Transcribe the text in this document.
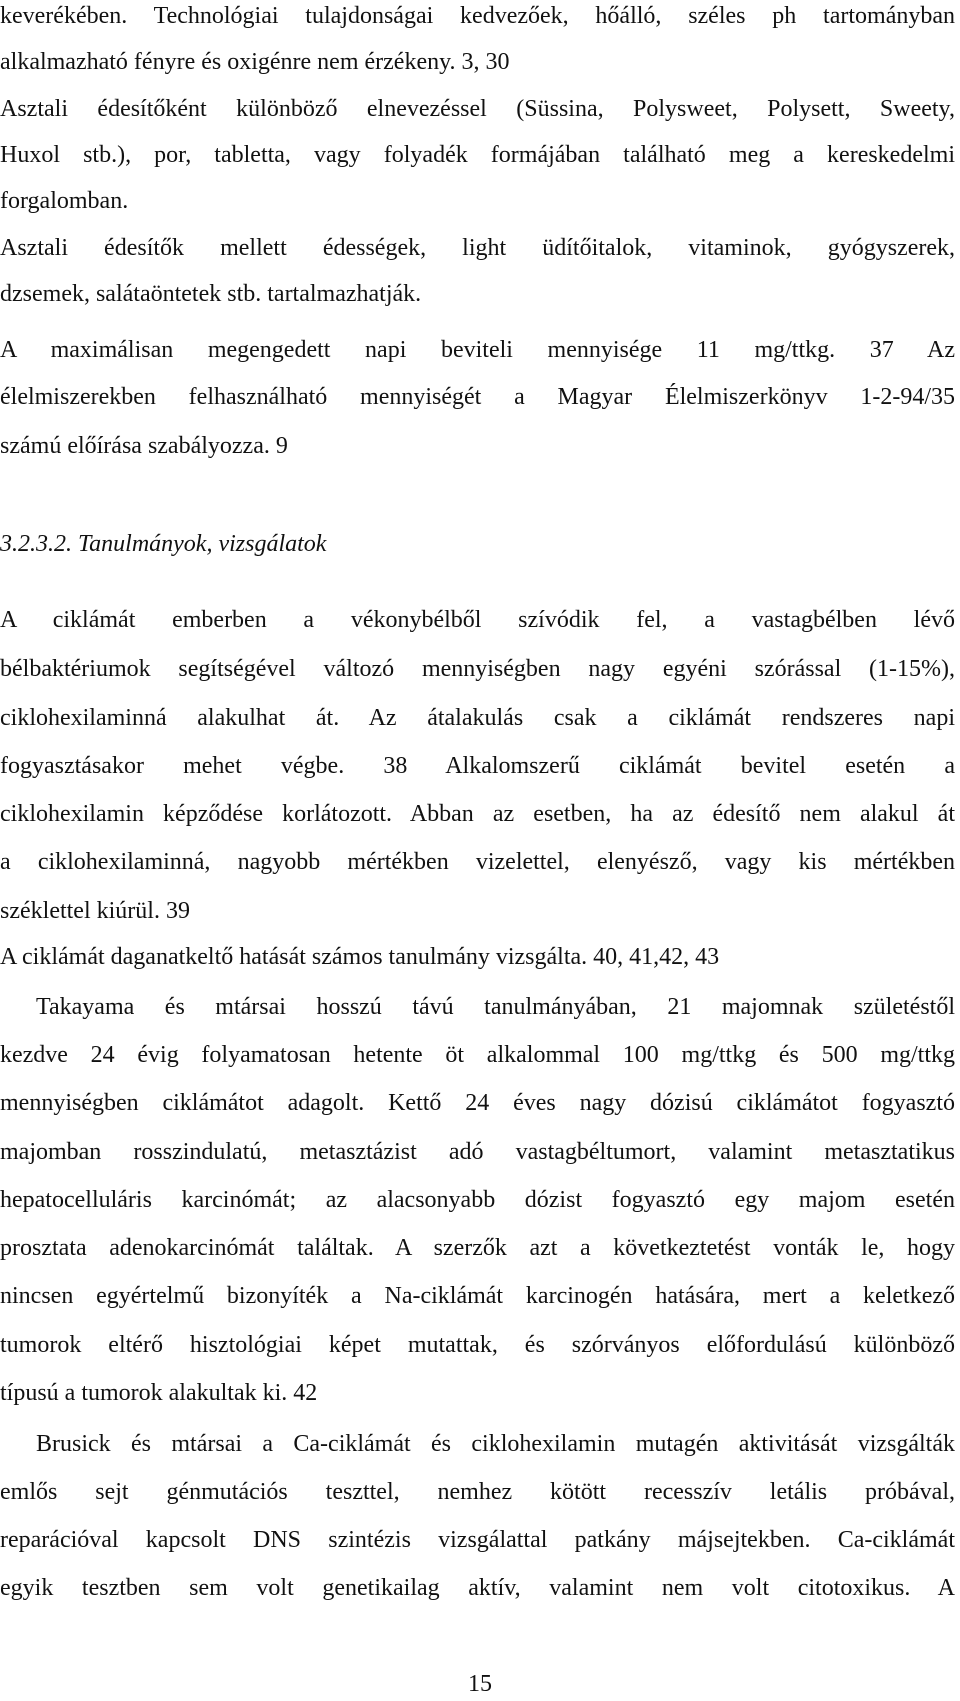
keverékében. Technológiai tulajdonságai kedvezőek, hőálló, széles ph tartományban
alkalmazható fényre és oxigénre nem érzékeny. 3, 30
Asztali édesítőként különböző elnevezéssel (Süssina, Polysweet, Polysett, Sweety,
Huxol stb.), por, tabletta, vagy folyadék formájában található meg a kereskedelmi
forgalomban.
Asztali édesítők mellett édességek, light üdítőitalok, vitaminok, gyógyszerek,
dzsemek, salátaöntetek stb. tartalmazhatják.
A maximálisan megengedett napi beviteli mennyisége 11 mg/ttkg. 37 Az
élelmiszerekben felhasználható mennyiségét a Magyar Élelmiszerkönyv 1-2-94/35
számú előírása szabályozza. 9
3.2.3.2. Tanulmányok, vizsgálatok
A ciklámát emberben a vékonybélből szívódik fel, a vastagbélben lévő
bélbaktériumok segítségével változó mennyiségben nagy egyéni szórással (1-15%),
ciklohexilaminná alakulhat át. Az átalakulás csak a ciklámát rendszeres napi
fogyasztásakor mehet végbe. 38 Alkalomszerű ciklámát bevitel esetén a
ciklohexilamin képződése korlátozott. Abban az esetben, ha az édesítő nem alakul át
a ciklohexilaminná, nagyobb mértékben vizelettel, elenyésző, vagy kis mértékben
széklettel kiúrül. 39
A ciklámát daganatkeltő hatását számos tanulmány vizsgálta. 40, 41,42, 43
Takayama és mtársai hosszú távú tanulmányában, 21 majomnak születéstől
kezdve 24 évig folyamatosan hetente öt alkalommal 100 mg/ttkg és 500 mg/ttkg
mennyiségben ciklámátot adagolt. Kettő 24 éves nagy dózisú ciklámátot fogyasztó
majomban rosszindulatú, metasztázist adó vastagbéltumort, valamint metasztatikus
hepatocelluláris karcinómát; az alacsonyabb dózist fogyasztó egy majom esetén
prosztata adenokarcinómát találtak. A szerzők azt a következtetést vonták le, hogy
nincsen egyértelmű bizonyíték a Na-ciklámát karcinogén hatására, mert a keletkező
tumorok eltérő hisztológiai képet mutattak, és szórványos előfordulású különböző
típusú a tumorok alakultak ki. 42
Brusick és mtársai a Ca-ciklámát és ciklohexilamin mutagén aktivitását vizsgálták
emlős sejt génmutációs teszttel, nemhez kötött recesszív letális próbával,
reparációval kapcsolt DNS szintézis vizsgálattal patkány májsejtekben. Ca-ciklámát
egyik tesztben sem volt genetikailag aktív, valamint nem volt citotoxikus. A
15
